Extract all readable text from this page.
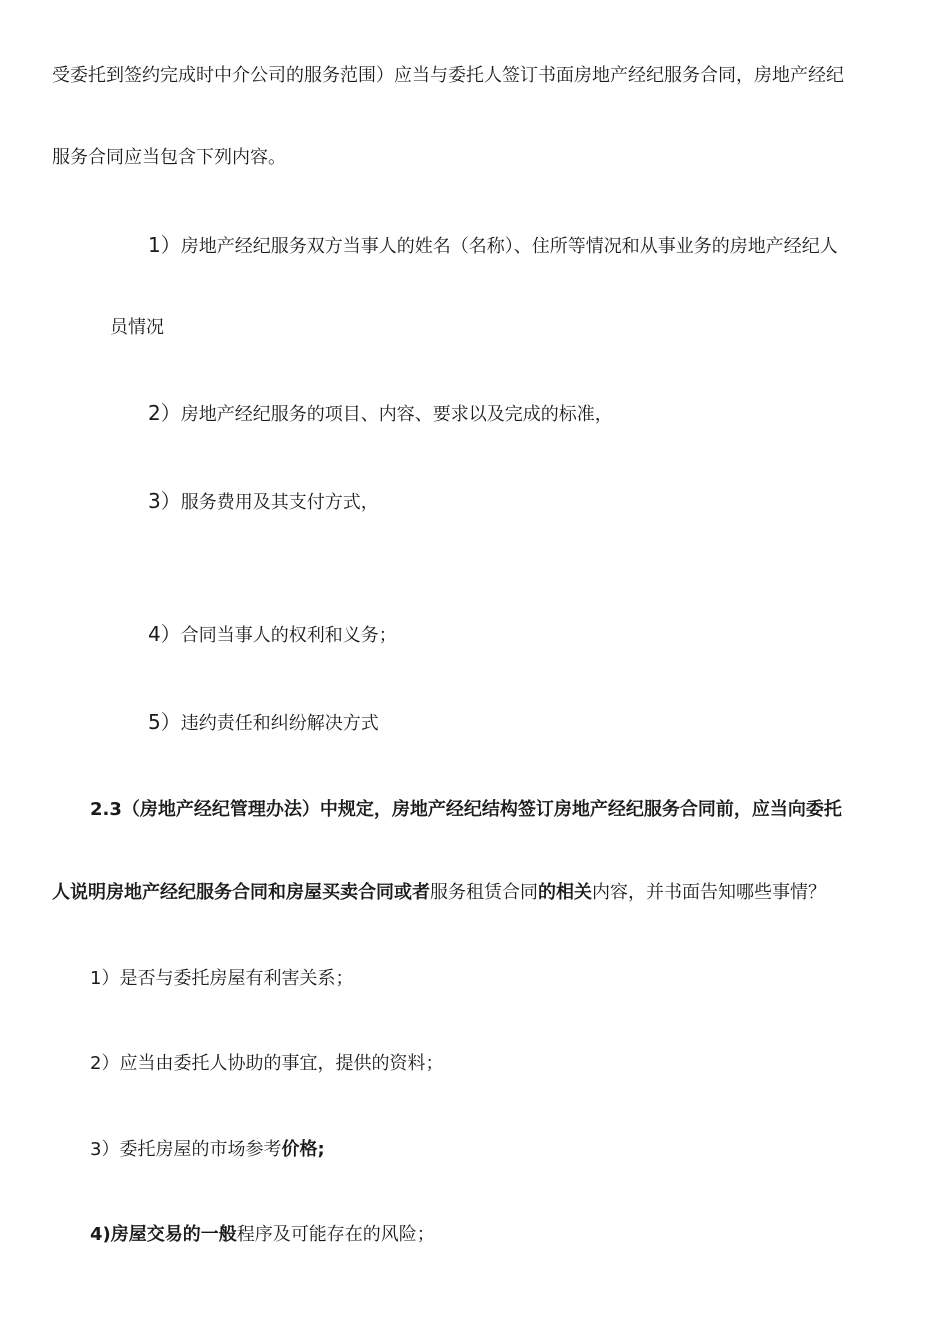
受委托到签约完成时中介公司的服务范围）应当与委托人签订书面房地产经纪服务合同，房地产经纪
服务合同应当包含下列内容。
1）房地产经纪服务双方当事人的姓名（名称）、住所等情况和从事业务的房地产经纪人
员情况
2）房地产经纪服务的项目、内容、要求以及完成的标准，
3）服务费用及其支付方式，
4）合同当事人的权利和义务；
5）违约责任和纠纷解决方式
2.3（房地产经纪管理办法）中规定，房地产经纪结构签订房地产经纪服务合同前，应当向委托
人说明房地产经纪服务合同和房屋买卖合同或者服务租赁合同的相关内容，并书面告知哪些事情？
1）是否与委托房屋有利害关系；
2）应当由委托人协助的事宜，提供的资料；
3）委托房屋的市场参考价格;
4)房屋交易的一般程序及可能存在的风险；
